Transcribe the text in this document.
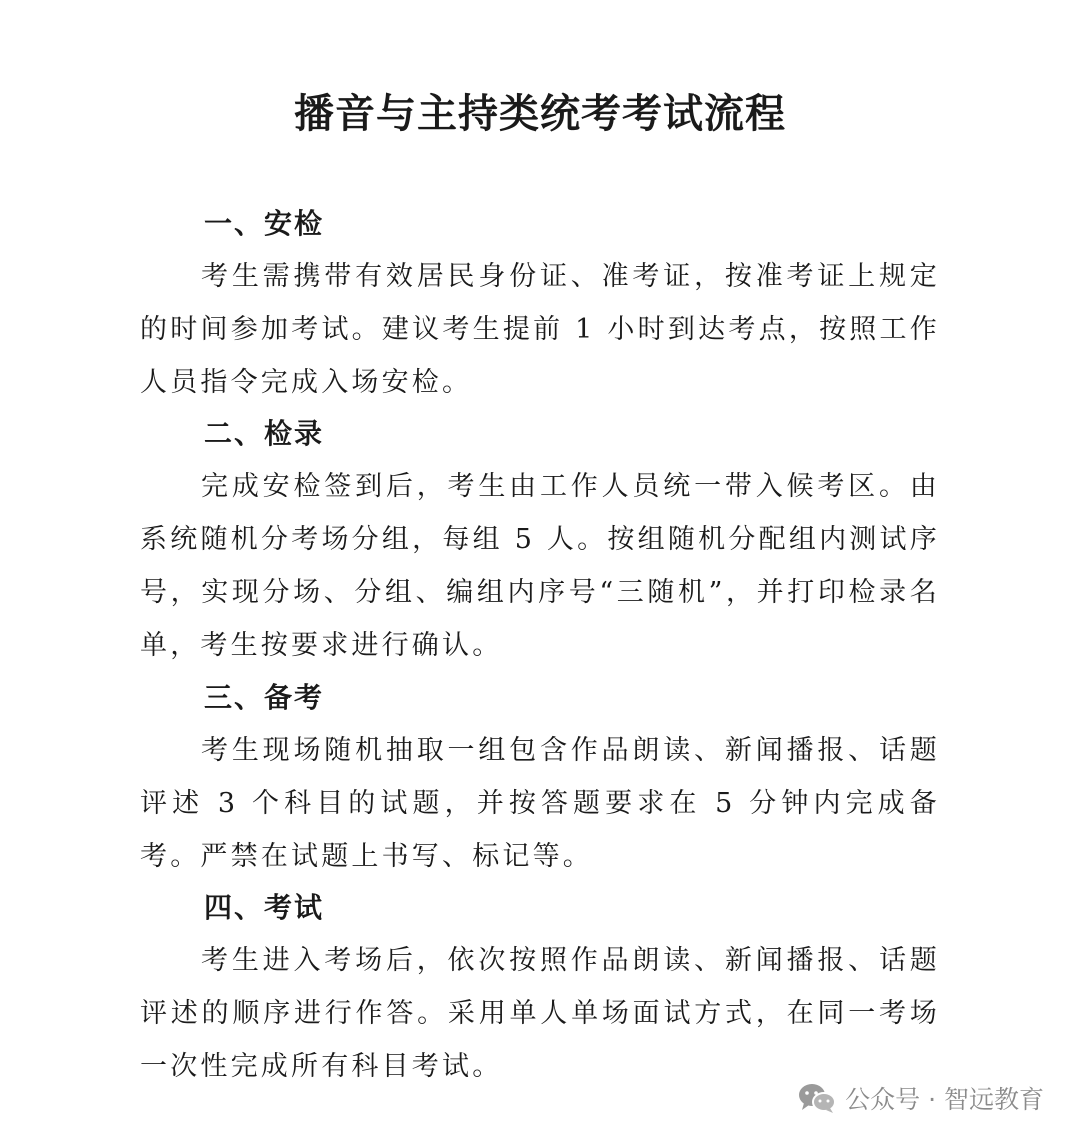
播音与主持类统考考试流程
一、安检

考生需携带有效居民身份证、准考证，按准考证上规定的时间参加考试。建议考生提前 1 小时到达考点，按照工作人员指令完成入场安检。

二、检录

完成安检签到后，考生由工作人员统一带入候考区。由系统随机分考场分组，每组 5 人。按组随机分配组内测试序号，实现分场、分组、编组内序号“三随机”，并打印检录名单，考生按要求进行确认。

三、备考

考生现场随机抽取一组包含作品朗读、新闻播报、话题评述 3 个科目的试题，并按答题要求在 5 分钟内完成备考。严禁在试题上书写、标记等。

四、考试

考生进入考场后，依次按照作品朗读、新闻播报、话题评述的顺序进行作答。采用单人单场面试方式，在同一考场一次性完成所有科目考试。

公众号 · 智远教育
